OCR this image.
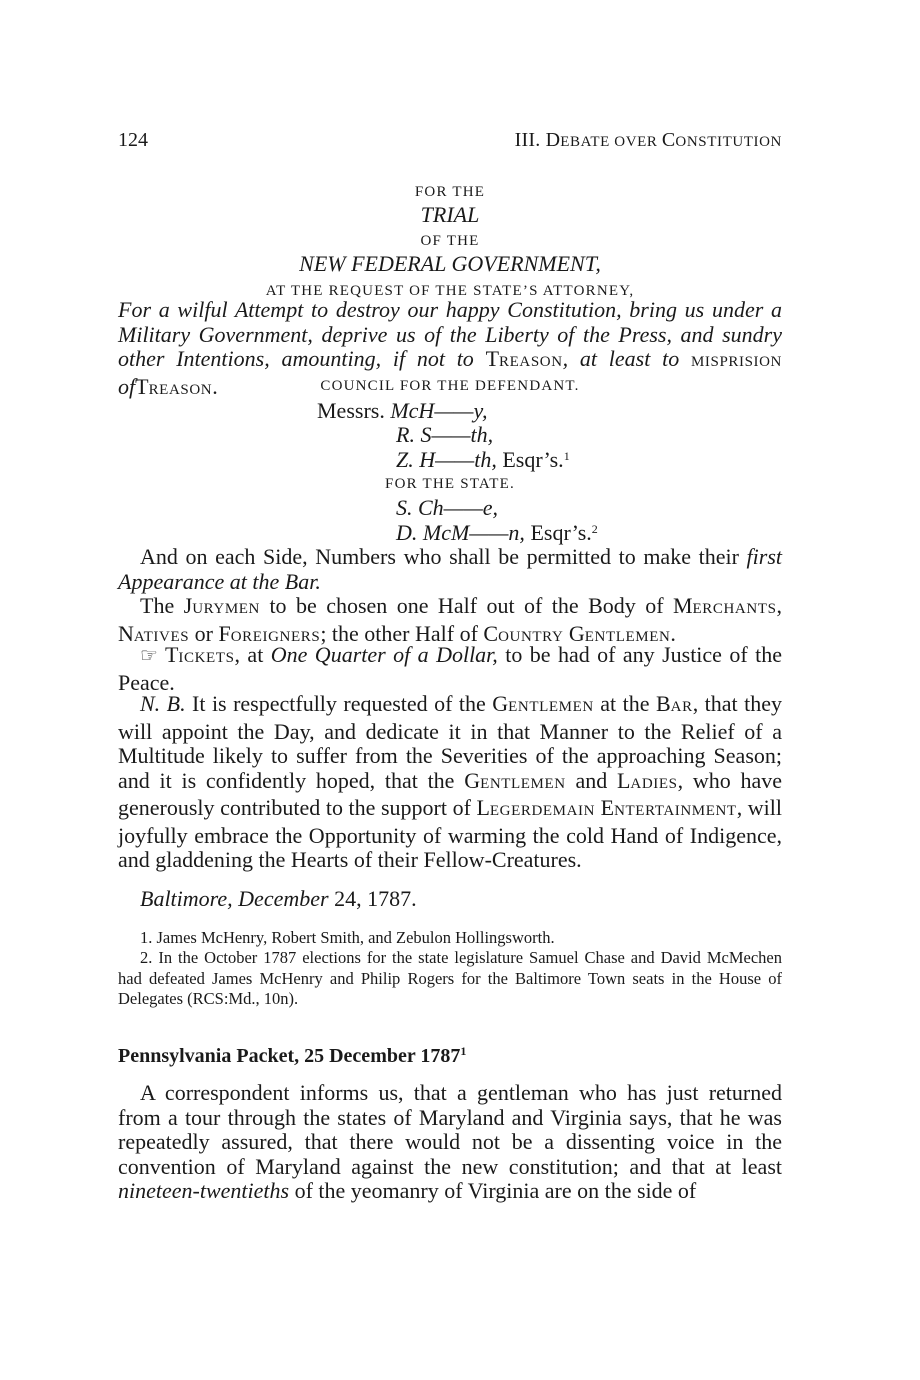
124	III. DEBATE OVER CONSTITUTION
FOR THE
TRIAL
OF THE
NEW FEDERAL GOVERNMENT,
AT THE REQUEST OF THE STATE’S ATTORNEY,
For a wilful Attempt to destroy our happy Constitution, bring us under a Military Government, deprive us of the Liberty of the Press, and sundry other Intentions, amounting, if not to TREASON, at least to MISPRISION ofTREASON.	COUNCIL FOR THE DEFENDANT.
Messrs. McH——y,
R. S——th,
Z. H——th, Esqr’s.$^1$
FOR THE STATE.
S. Ch——e,
D. McM——n, Esqr’s.$^2$
And on each Side, Numbers who shall be permitted to make their first Appearance at the Bar.
The JURYMEN to be chosen one Half out of the Body of MERCHANTS, NATIVES or FOREIGNERS; the other Half of COUNTRY GENTLEMEN.
☞ TICKETS, at One Quarter of a Dollar, to be had of any Justice of the Peace.
N. B. It is respectfully requested of the GENTLEMEN at the BAR, that they will appoint the Day, and dedicate it in that Manner to the Relief of a Multitude likely to suffer from the Severities of the approaching Season; and it is confidently hoped, that the GENTLEMEN and LADIES, who have generously contributed to the support of LEGERDEMAIN ENTERTAINMENT, will joyfully embrace the Opportunity of warming the cold Hand of Indigence, and gladdening the Hearts of their Fellow-Creatures.
Baltimore, December 24, 1787.
1. James McHenry, Robert Smith, and Zebulon Hollingsworth.
2. In the October 1787 elections for the state legislature Samuel Chase and David McMechen had defeated James McHenry and Philip Rogers for the Baltimore Town seats in the House of Delegates (RCS:Md., 10n).
Pennsylvania Packet, 25 December 1787$^1$
A correspondent informs us, that a gentleman who has just returned from a tour through the states of Maryland and Virginia says, that he was repeatedly assured, that there would not be a dissenting voice in the convention of Maryland against the new constitution; and that at least nineteen-twentieths of the yeomanry of Virginia are on the side of
